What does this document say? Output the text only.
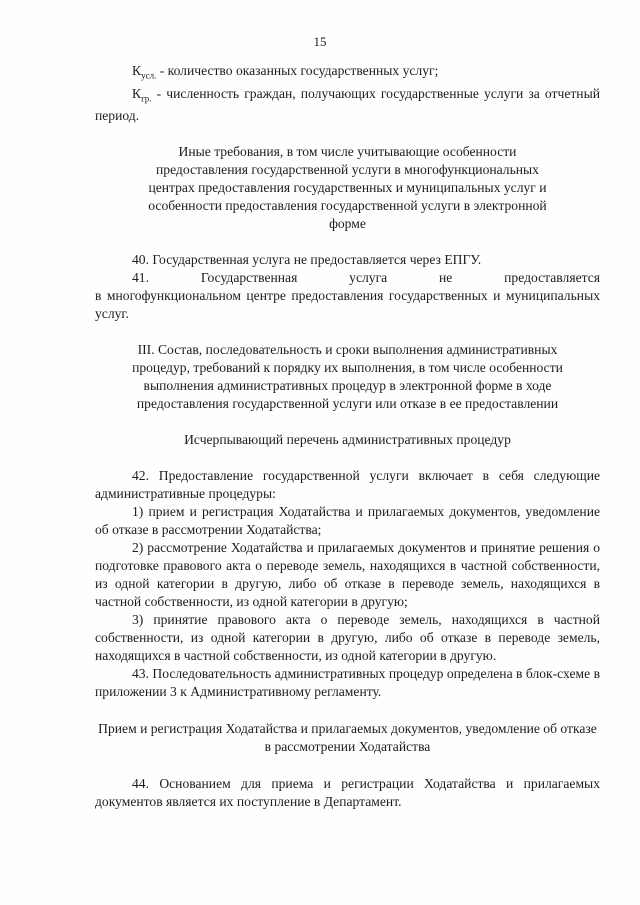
15

$К_{усл.}$ - количество оказанных государственных услуг;

$К_{гр.}$ - численность граждан, получающих государственные услуги за отчетный период.

Иные требования, в том числе учитывающие особенности предоставления государственной услуги в многофункциональных центрах предоставления государственных и муниципальных услуг и особенности предоставления государственной услуги в электронной форме

40. Государственная услуга не предоставляется через ЕПГУ.

41. Государственная услуга не предоставляется

в многофункциональном центре предоставления государственных и муниципальных услуг.

III. Состав, последовательность и сроки выполнения административных процедур, требований к порядку их выполнения, в том числе особенности выполнения административных процедур в электронной форме в ходе предоставления государственной услуги или отказе в ее предоставлении

Исчерпывающий перечень административных процедур

42. Предоставление государственной услуги включает в себя следующие административные процедуры:

1) прием и регистрация Ходатайства и прилагаемых документов, уведомление об отказе в рассмотрении Ходатайства;

2) рассмотрение Ходатайства и прилагаемых документов и принятие решения о подготовке правового акта о переводе земель, находящихся в частной собственности, из одной категории в другую, либо об отказе в переводе земель, находящихся в частной собственности, из одной категории в другую;

3) принятие правового акта о переводе земель, находящихся в частной собственности, из одной категории в другую, либо об отказе в переводе земель, находящихся в частной собственности, из одной категории в другую.

43. Последовательность административных процедур определена в блок-схеме в приложении 3 к Административному регламенту.

Прием и регистрация Ходатайства и прилагаемых документов, уведомление об отказе в рассмотрении Ходатайства

44. Основанием для приема и регистрации Ходатайства и прилагаемых документов является их поступление в Департамент.
